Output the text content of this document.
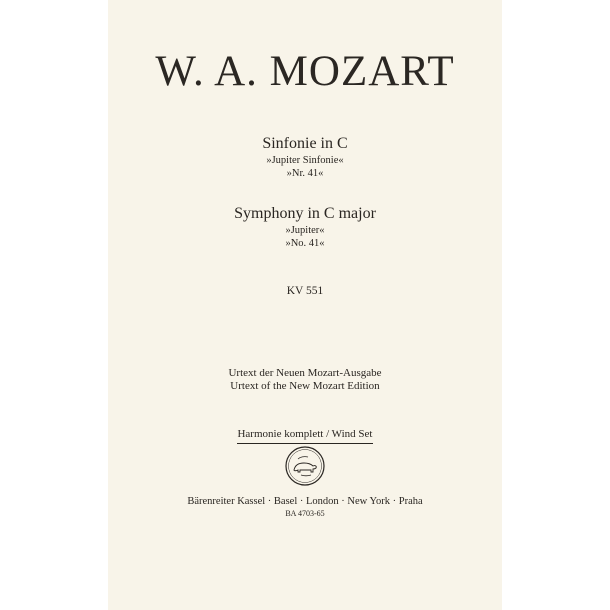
W. A. MOZART
Sinfonie in C
»Jupiter Sinfonie«
»Nr. 41«
Symphony in C major
»Jupiter«
»No. 41«
KV 551
Urtext der Neuen Mozart-Ausgabe
Urtext of the New Mozart Edition
Harmonie komplett / Wind Set
Bärenreiter Kassel · Basel · London · New York · Praha
BA 4703-65
